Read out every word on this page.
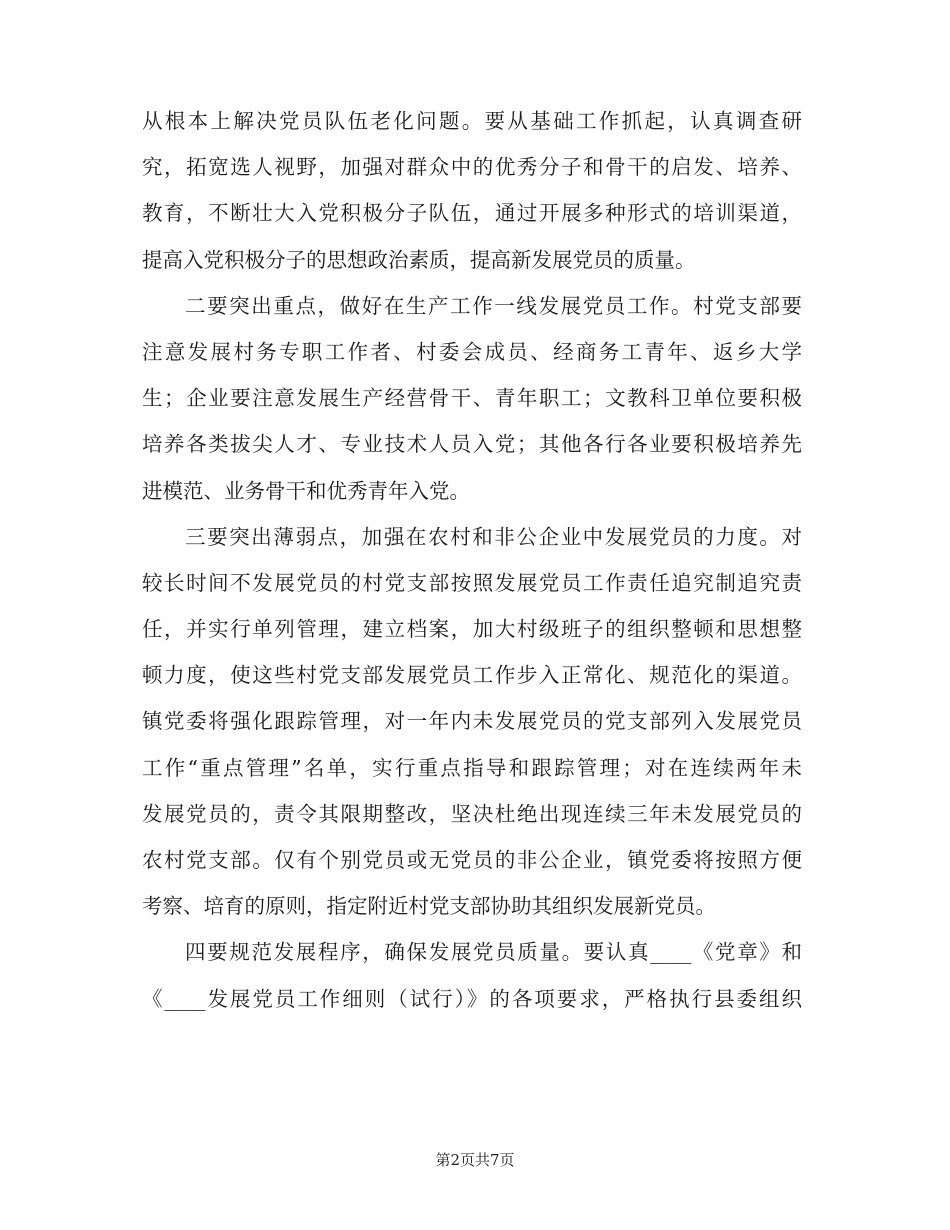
从根本上解决党员队伍老化问题。要从基础工作抓起，认真调查研
究，拓宽选人视野，加强对群众中的优秀分子和骨干的启发、培养、
教育，不断壮大入党积极分子队伍，通过开展多种形式的培训渠道，
提高入党积极分子的思想政治素质，提高新发展党员的质量。
二要突出重点，做好在生产工作一线发展党员工作。村党支部要
注意发展村务专职工作者、村委会成员、经商务工青年、返乡大学
生；企业要注意发展生产经营骨干、青年职工；文教科卫单位要积极
培养各类拔尖人才、专业技术人员入党；其他各行各业要积极培养先
进模范、业务骨干和优秀青年入党。
三要突出薄弱点，加强在农村和非公企业中发展党员的力度。对
较长时间不发展党员的村党支部按照发展党员工作责任追究制追究责
任，并实行单列管理，建立档案，加大村级班子的组织整顿和思想整
顿力度，使这些村党支部发展党员工作步入正常化、规范化的渠道。
镇党委将强化跟踪管理，对一年内未发展党员的党支部列入发展党员
工作“重点管理”名单，实行重点指导和跟踪管理；对在连续两年未
发展党员的，责令其限期整改，坚决杜绝出现连续三年未发展党员的
农村党支部。仅有个别党员或无党员的非公企业，镇党委将按照方便
考察、培育的原则，指定附近村党支部协助其组织发展新党员。
四要规范发展程序，确保发展党员质量。要认真____《党章》和
《____发展党员工作细则（试行）》的各项要求，严格执行县委组织
第2页共7页
